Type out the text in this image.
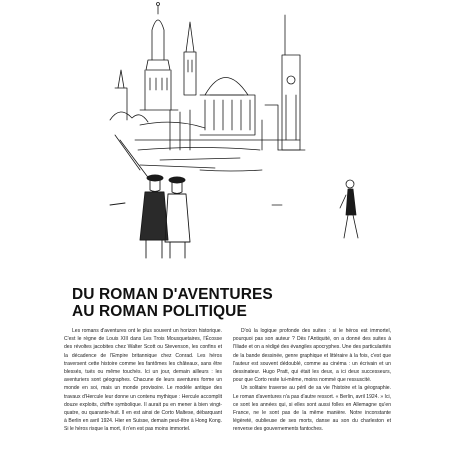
DU ROMAN D'AVENTURES
AU ROMAN POLITIQUE

Les romans d'aventures ont le plus souvent un horizon historique. C'est le règne de Louis XIII dans Les Trois Mousquetaires, l'Écosse des révoltes jacobites chez Walter Scott ou Stevenson, les confins et la décadence de l'Empire britannique chez Conrad. Les héros traversent cette histoire comme les fantômes les châteaux, sans être blessés, tués ou même touchés. Ici un jour, demain ailleurs : les aventuriers sont géographes. Chacune de leurs aventures forme un monde en soi, mais un monde provisoire. Le modèle antique des travaux d'Hercule leur donne un contenu mythique : Hercule accomplit douze exploits, chiffre symbolique. Il aurait pu en mener à bien vingt-quatre, ou quarante-huit. Il en est ainsi de Corto Maltese, débarquant à Berlin en avril 1924. Hier en Suisse, demain peut-être à Hong Kong. Si le héros risque la mort, il n'en est pas moins immortel.

D'où la logique profonde des suites : si le héros est immortel, pourquoi pas son auteur ? Dès l'Antiquité, on a donné des suites à l'Iliade et on a rédigé des évangiles apocryphes. Une des particularités de la bande dessinée, genre graphique et littéraire à la fois, c'est que l'auteur est souvent dédoublé, comme au cinéma : un écrivain et un dessinateur. Hugo Pratt, qui était les deux, a ici deux successeurs, pour que Corto reste lui-même, moins nommé que ressuscité.

Un solitaire traverse au péril de sa vie l'histoire et la géographie. Le roman d'aventures n'a pas d'autre ressort. « Berlin, avril 1924. » Ici, ce sont les années qui, si elles sont aussi folles en Allemagne qu'en France, ne le sont pas de la même manière. Notre inconstante légèreté, oublieuse de ses morts, danse au son du charleston et renverse des gouvernements fantoches.
